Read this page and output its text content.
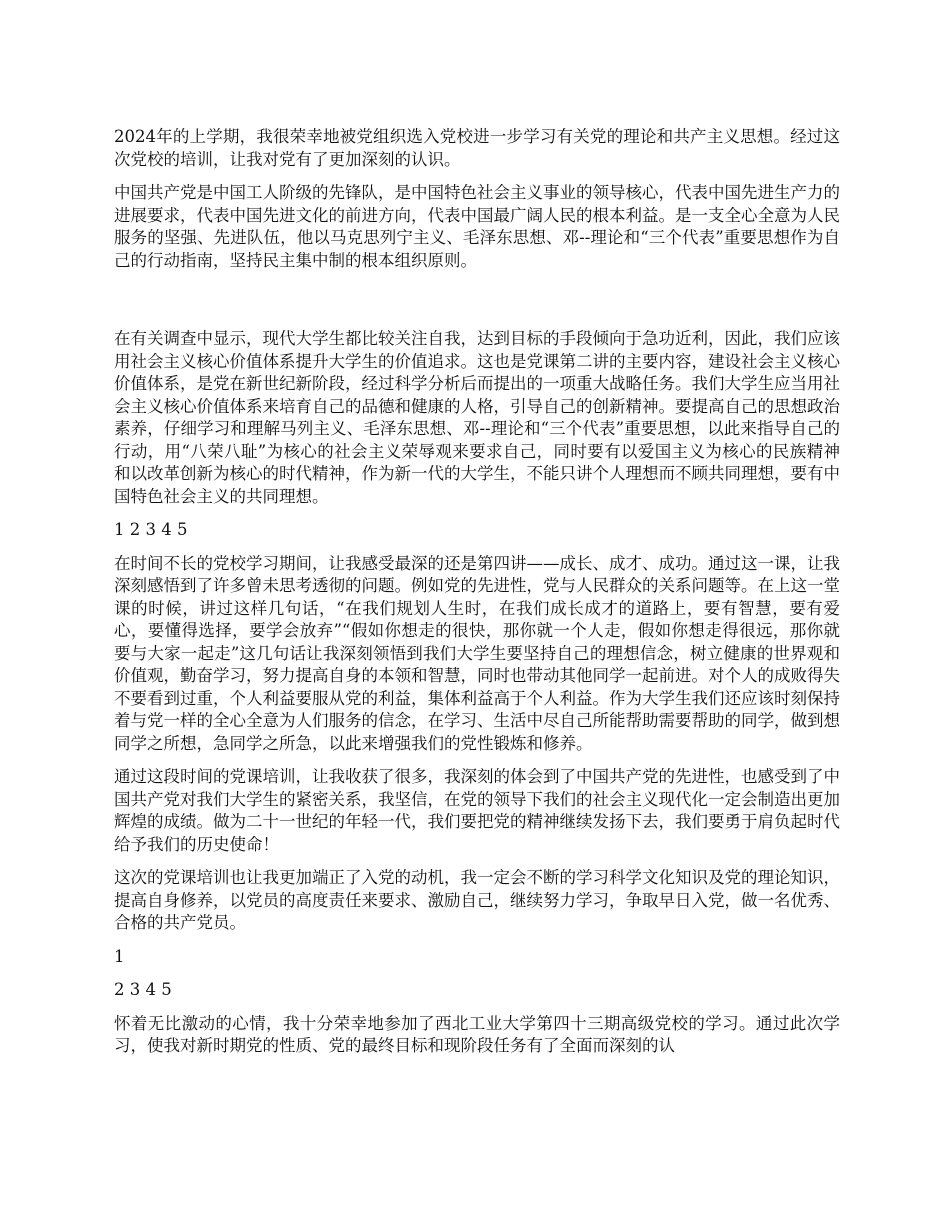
2024年的上学期，我很荣幸地被党组织选入党校进一步学习有关党的理论和共产主义思想。经过这次党校的培训，让我对党有了更加深刻的认识。

中国共产党是中国工人阶级的先锋队，是中国特色社会主义事业的领导核心，代表中国先进生产力的进展要求，代表中国先进文化的前进方向，代表中国最广阔人民的根本利益。是一支全心全意为人民服务的坚强、先进队伍，他以马克思列宁主义、毛泽东思想、邓--理论和“三个代表”重要思想作为自己的行动指南，坚持民主集中制的根本组织原则。

在有关调查中显示，现代大学生都比较关注自我，达到目标的手段倾向于急功近利，因此，我们应该用社会主义核心价值体系提升大学生的价值追求。这也是党课第二讲的主要内容，建设社会主义核心价值体系，是党在新世纪新阶段，经过科学分析后而提出的一项重大战略任务。我们大学生应当用社会主义核心价值体系来培育自己的品德和健康的人格，引导自己的创新精神。要提高自己的思想政治素养，仔细学习和理解马列主义、毛泽东思想、邓--理论和“三个代表”重要思想，以此来指导自己的行动，用“八荣八耻”为核心的社会主义荣辱观来要求自己，同时要有以爱国主义为核心的民族精神和以改革创新为核心的时代精神，作为新一代的大学生，不能只讲个人理想而不顾共同理想，要有中国特色社会主义的共同理想。

1 2 3 4 5

在时间不长的党校学习期间，让我感受最深的还是第四讲——成长、成才、成功。通过这一课，让我深刻感悟到了许多曾未思考透彻的问题。例如党的先进性，党与人民群众的关系问题等。在上这一堂课的时候，讲过这样几句话，“在我们规划人生时，在我们成长成才的道路上，要有智慧，要有爱心，要懂得选择，要学会放弃”“假如你想走的很快，那你就一个人走，假如你想走得很远，那你就要与大家一起走”这几句话让我深刻领悟到我们大学生要坚持自己的理想信念，树立健康的世界观和价值观，勤奋学习，努力提高自身的本领和智慧，同时也带动其他同学一起前进。对个人的成败得失不要看到过重，个人利益要服从党的利益，集体利益高于个人利益。作为大学生我们还应该时刻保持着与党一样的全心全意为人们服务的信念，在学习、生活中尽自己所能帮助需要帮助的同学，做到想同学之所想，急同学之所急，以此来增强我们的党性锻炼和修养。

通过这段时间的党课培训，让我收获了很多，我深刻的体会到了中国共产党的先进性，也感受到了中国共产党对我们大学生的紧密关系，我坚信，在党的领导下我们的社会主义现代化一定会制造出更加辉煌的成绩。做为二十一世纪的年轻一代，我们要把党的精神继续发扬下去，我们要勇于肩负起时代给予我们的历史使命！

这次的党课培训也让我更加端正了入党的动机，我一定会不断的学习科学文化知识及党的理论知识，提高自身修养，以党员的高度责任来要求、激励自己，继续努力学习，争取早日入党，做一名优秀、合格的共产党员。

1

2 3 4 5

怀着无比激动的心情，我十分荣幸地参加了西北工业大学第四十三期高级党校的学习。通过此次学习，使我对新时期党的性质、党的最终目标和现阶段任务有了全面而深刻的认
